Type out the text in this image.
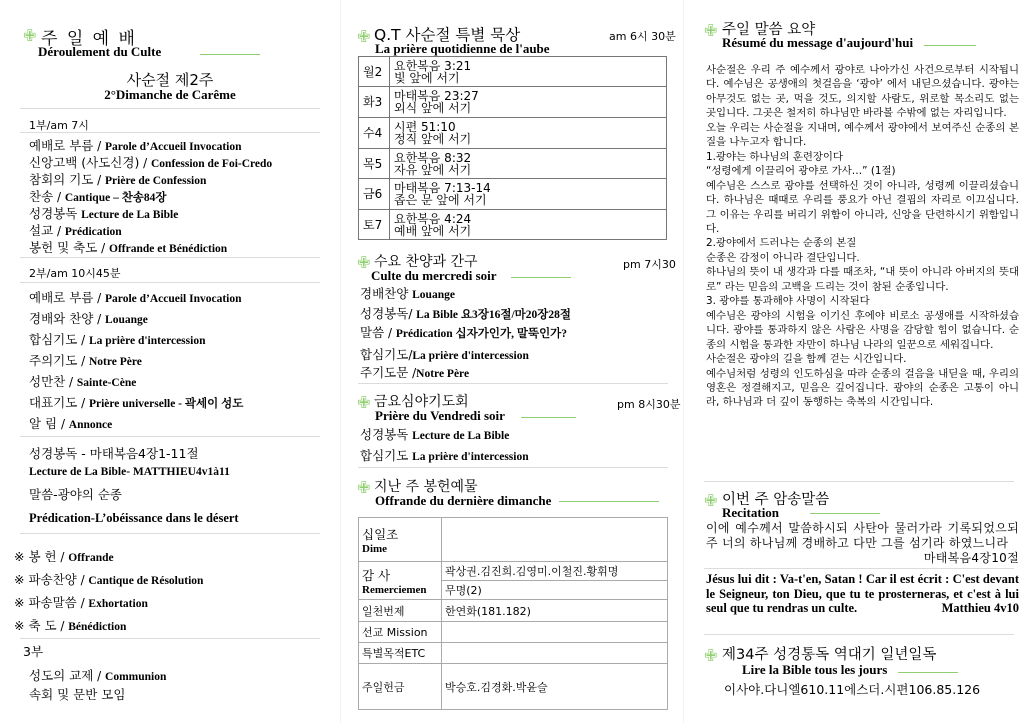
✙ 주 일 예 배
Déroulement du Culte
사순절 제2주
2°Dimanche de Carême
1부/am 7시
예배로 부름 / Parole d’Accueil Invocation
신앙고백 (사도신경) / Confession de Foi-Credo
참회의 기도 / Prière de Confession
찬송 / Cantique – 찬송84장
성경봉독 Lecture de La Bible
설교 / Prédication
봉헌 및 축도 / Offrande et Bénédiction
2부/am 10시45분
예배로 부름 / Parole d’Accueil Invocation
경배와 찬양 / Louange
합심기도 / La prière d'intercession
주의기도 / Notre Père
성만찬 / Sainte-Cène
대표기도 / Prière universelle - 곽세이 성도
알 림 / Annonce
성경봉독 - 마태복음4장1-11절
Lecture de La Bible- MATTHIEU4v1à11
말씀-광야의 순종
Prédication-L’obéissance dans le désert
※ 봉 헌 / Offrande
※ 파송찬양 / Cantique de Résolution
※ 파송말씀 / Exhortation
※ 축 도 / Bénédiction
3부
성도의 교제 / Communion
속회 및 문반 모임
✙ Q.T 사순절 특별 묵상	am 6시 30분
La prière quotidienne de l'aube
월2	요한복음 3:21
빛 앞에 서기

화3	마태복음 23:27
외식 앞에 서기

수4	시편 51:10
정직 앞에 서기

목5	요한복음 8:32
자유 앞에 서기

금6	마태복음 7:13-14
좁은 문 앞에 서기

토7	요한복음 4:24
예배 앞에 서기
✙ 수요 찬양과 간구	pm 7시30
Culte du mercredi soir
경배찬양 Louange
성경봉독/ La Bible 요3장16절/마20장28절
말씀 / Prédication 십자가인가, 말뚝인가?
합심기도/La prière d'intercession
주기도문 /Notre Père
✙ 금요심야기도회	pm 8시30분
Prière du Vendredi soir
성경봉독 Lecture de La Bible
합심기도 La prière d'intercession
✙ 지난 주 봉헌예물
Offrande du dernière dimanche
십일조
Dime	

감 사
Remerciemen	곽상권.김진희.김영미.이철진.황휘명
	무명(2)
일천번제	한연화(181.182)
선교 Mission	
특별목적ETC	
주일헌금	박승호.김경화.박윤슬
✙ 주일 말씀 요약
Résumé du message d'aujourd'hui

사순절은 우리 주 예수께서 광야로 나아가신 사건으로부터 시작됩니다. 예수님은 공생애의 첫걸음을 ‘광야’ 에서 내딛으셨습니다. 광야는 아무것도 없는 곳, 먹을 것도, 의지할 사람도, 위로할 목소리도 없는 곳입니다. 그곳은 철저히 하나님만 바라볼 수밖에 없는 자리입니다.

오늘 우리는 사순절을 지내며, 예수께서 광야에서 보여주신 순종의 본질을 나누고자 합니다.

1.광야는 하나님의 훈련장이다

“성령에게 이끌리어 광야로 가사…” (1절)

예수님은 스스로 광야를 선택하신 것이 아니라, 성령께 이끌리셨습니다. 하나님은 때때로 우리를 풍요가 아닌 결핍의 자리로 이끄십니다. 그 이유는 우리를 버리기 위함이 아니라, 신앙을 단련하시기 위함입니다.

2.광야에서 드러나는 순종의 본질

순종은 감정이 아니라 결단입니다.

하나님의 뜻이 내 생각과 다를 때조차, “내 뜻이 아니라 아버지의 뜻대로” 라는 믿음의 고백을 드리는 것이 참된 순종입니다.

3. 광야를 통과해야 사명이 시작된다

예수님은 광야의 시험을 이기신 후에야 비로소 공생애를 시작하셨습니다. 광야를 통과하지 않은 사람은 사명을 감당할 힘이 없습니다. 순종의 시험을 통과한 자만이 하나님 나라의 일꾼으로 세워집니다.

사순절은 광야의 길을 함께 걷는 시간입니다.

예수님처럼 성령의 인도하심을 따라 순종의 걸음을 내딛을 때, 우리의 영혼은 정결해지고, 믿음은 깊어집니다. 광야의 순종은 고통이 아니라, 하나님과 더 깊이 동행하는 축복의 시간입니다.

✙ 이번 주 암송말씀
Recitation
이에 예수께서 말씀하시되 사탄아 물러가라 기록되었으되 주 너의 하나님께 경배하고 다만 그를 섬기라 하였느니라
마태복음4장10절
Jésus lui dit : Va-t'en, Satan ! Car il est écrit : C'est devant le Seigneur, ton Dieu, que tu te prosterneras, et c'est à lui seul que tu rendras un culte.	Matthieu 4v10
✙ 제34주 성경통독 역대기 일년일독
Lire la Bible tous les jours
이사야.다니엘610.11에스더.시편106.85.126
